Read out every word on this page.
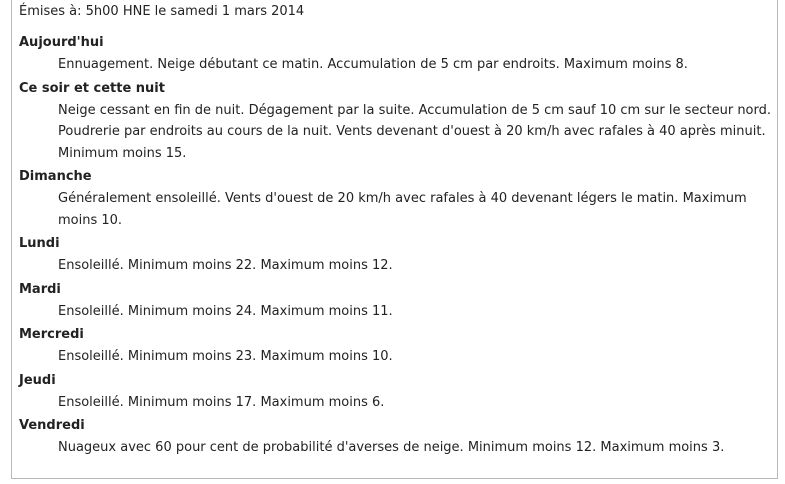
Émises à: 5h00 HNE le samedi 1 mars 2014
Aujourd'hui
Ennuagement. Neige débutant ce matin. Accumulation de 5 cm par endroits. Maximum moins 8.
Ce soir et cette nuit
Neige cessant en fin de nuit. Dégagement par la suite. Accumulation de 5 cm sauf 10 cm sur le secteur nord. Poudrerie par endroits au cours de la nuit. Vents devenant d'ouest à 20 km/h avec rafales à 40 après minuit. Minimum moins 15.
Dimanche
Généralement ensoleillé. Vents d'ouest de 20 km/h avec rafales à 40 devenant légers le matin. Maximum moins 10.
Lundi
Ensoleillé. Minimum moins 22. Maximum moins 12.
Mardi
Ensoleillé. Minimum moins 24. Maximum moins 11.
Mercredi
Ensoleillé. Minimum moins 23. Maximum moins 10.
Jeudi
Ensoleillé. Minimum moins 17. Maximum moins 6.
Vendredi
Nuageux avec 60 pour cent de probabilité d'averses de neige. Minimum moins 12. Maximum moins 3.
